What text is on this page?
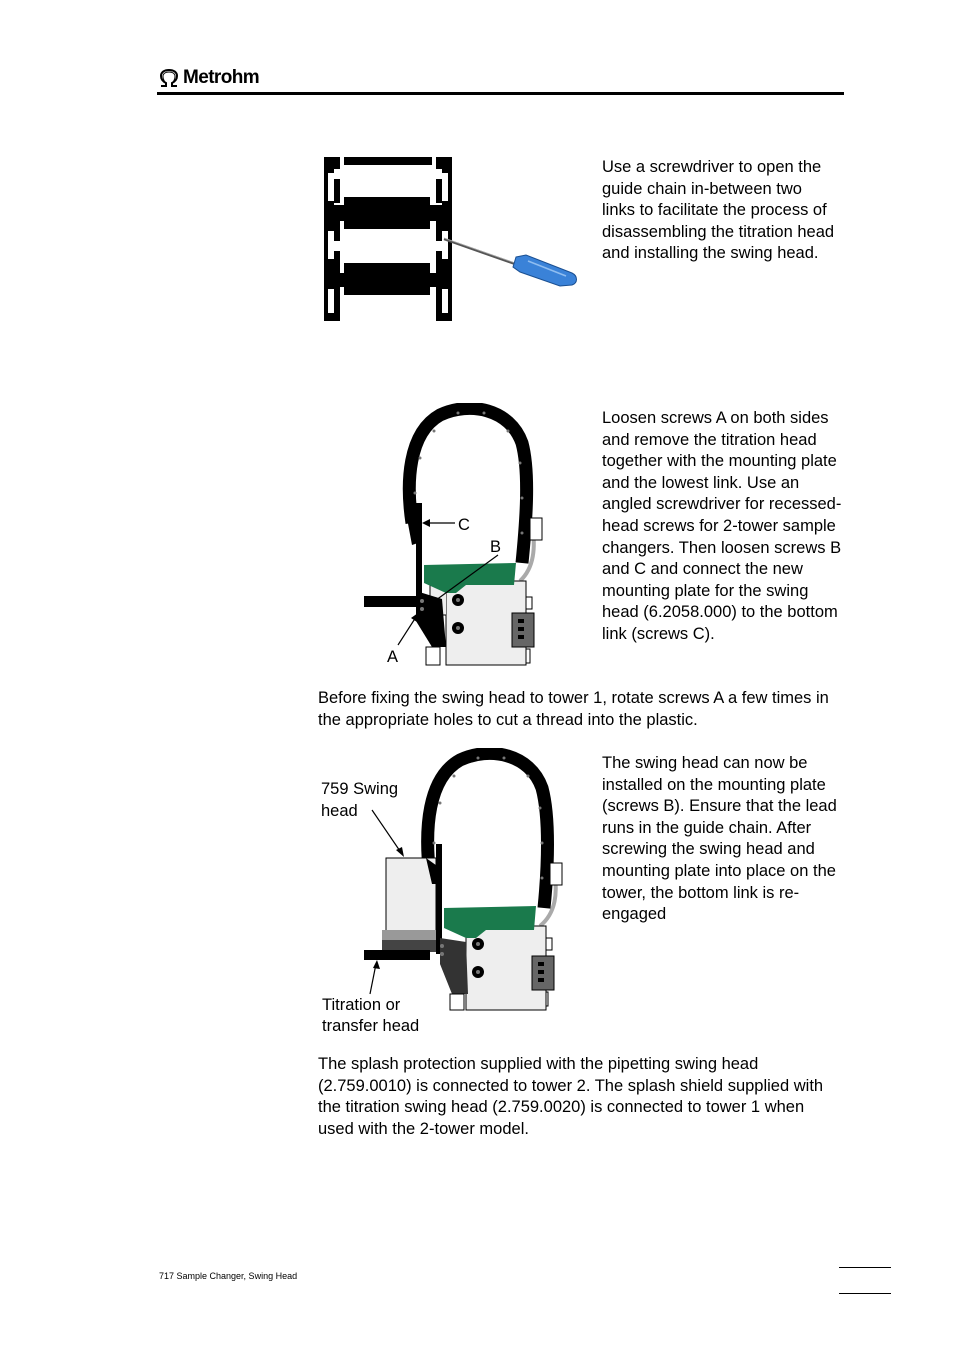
Metrohm

Use a screwdriver to open the guide chain in-between two links to facilitate the process of disassembling the titration head and installing the swing head.

C
B
A

Loosen screws A on both sides and remove the titration head together with the mounting plate and the lowest link. Use an angled screwdriver for recessed-head screws for 2-tower sample changers. Then loosen screws B and C and connect the new mounting plate for the swing head (6.2058.000) to the bottom link (screws C).

Before fixing the swing head to tower 1, rotate screws A a few times in the appropriate holes to cut a thread into the plastic.

759 Swing
head
Titration or
transfer head

The swing head can now be installed on the mounting plate (screws B). Ensure that the lead runs in the guide chain. After screwing the swing head and mounting plate into place on the tower, the bottom link is re-engaged

The splash protection supplied with the pipetting swing head (2.759.0010) is connected to tower 2. The splash shield supplied with the titration swing head (2.759.0020) is connected to tower 1 when used with the 2-tower model.

717 Sample Changer, Swing Head
